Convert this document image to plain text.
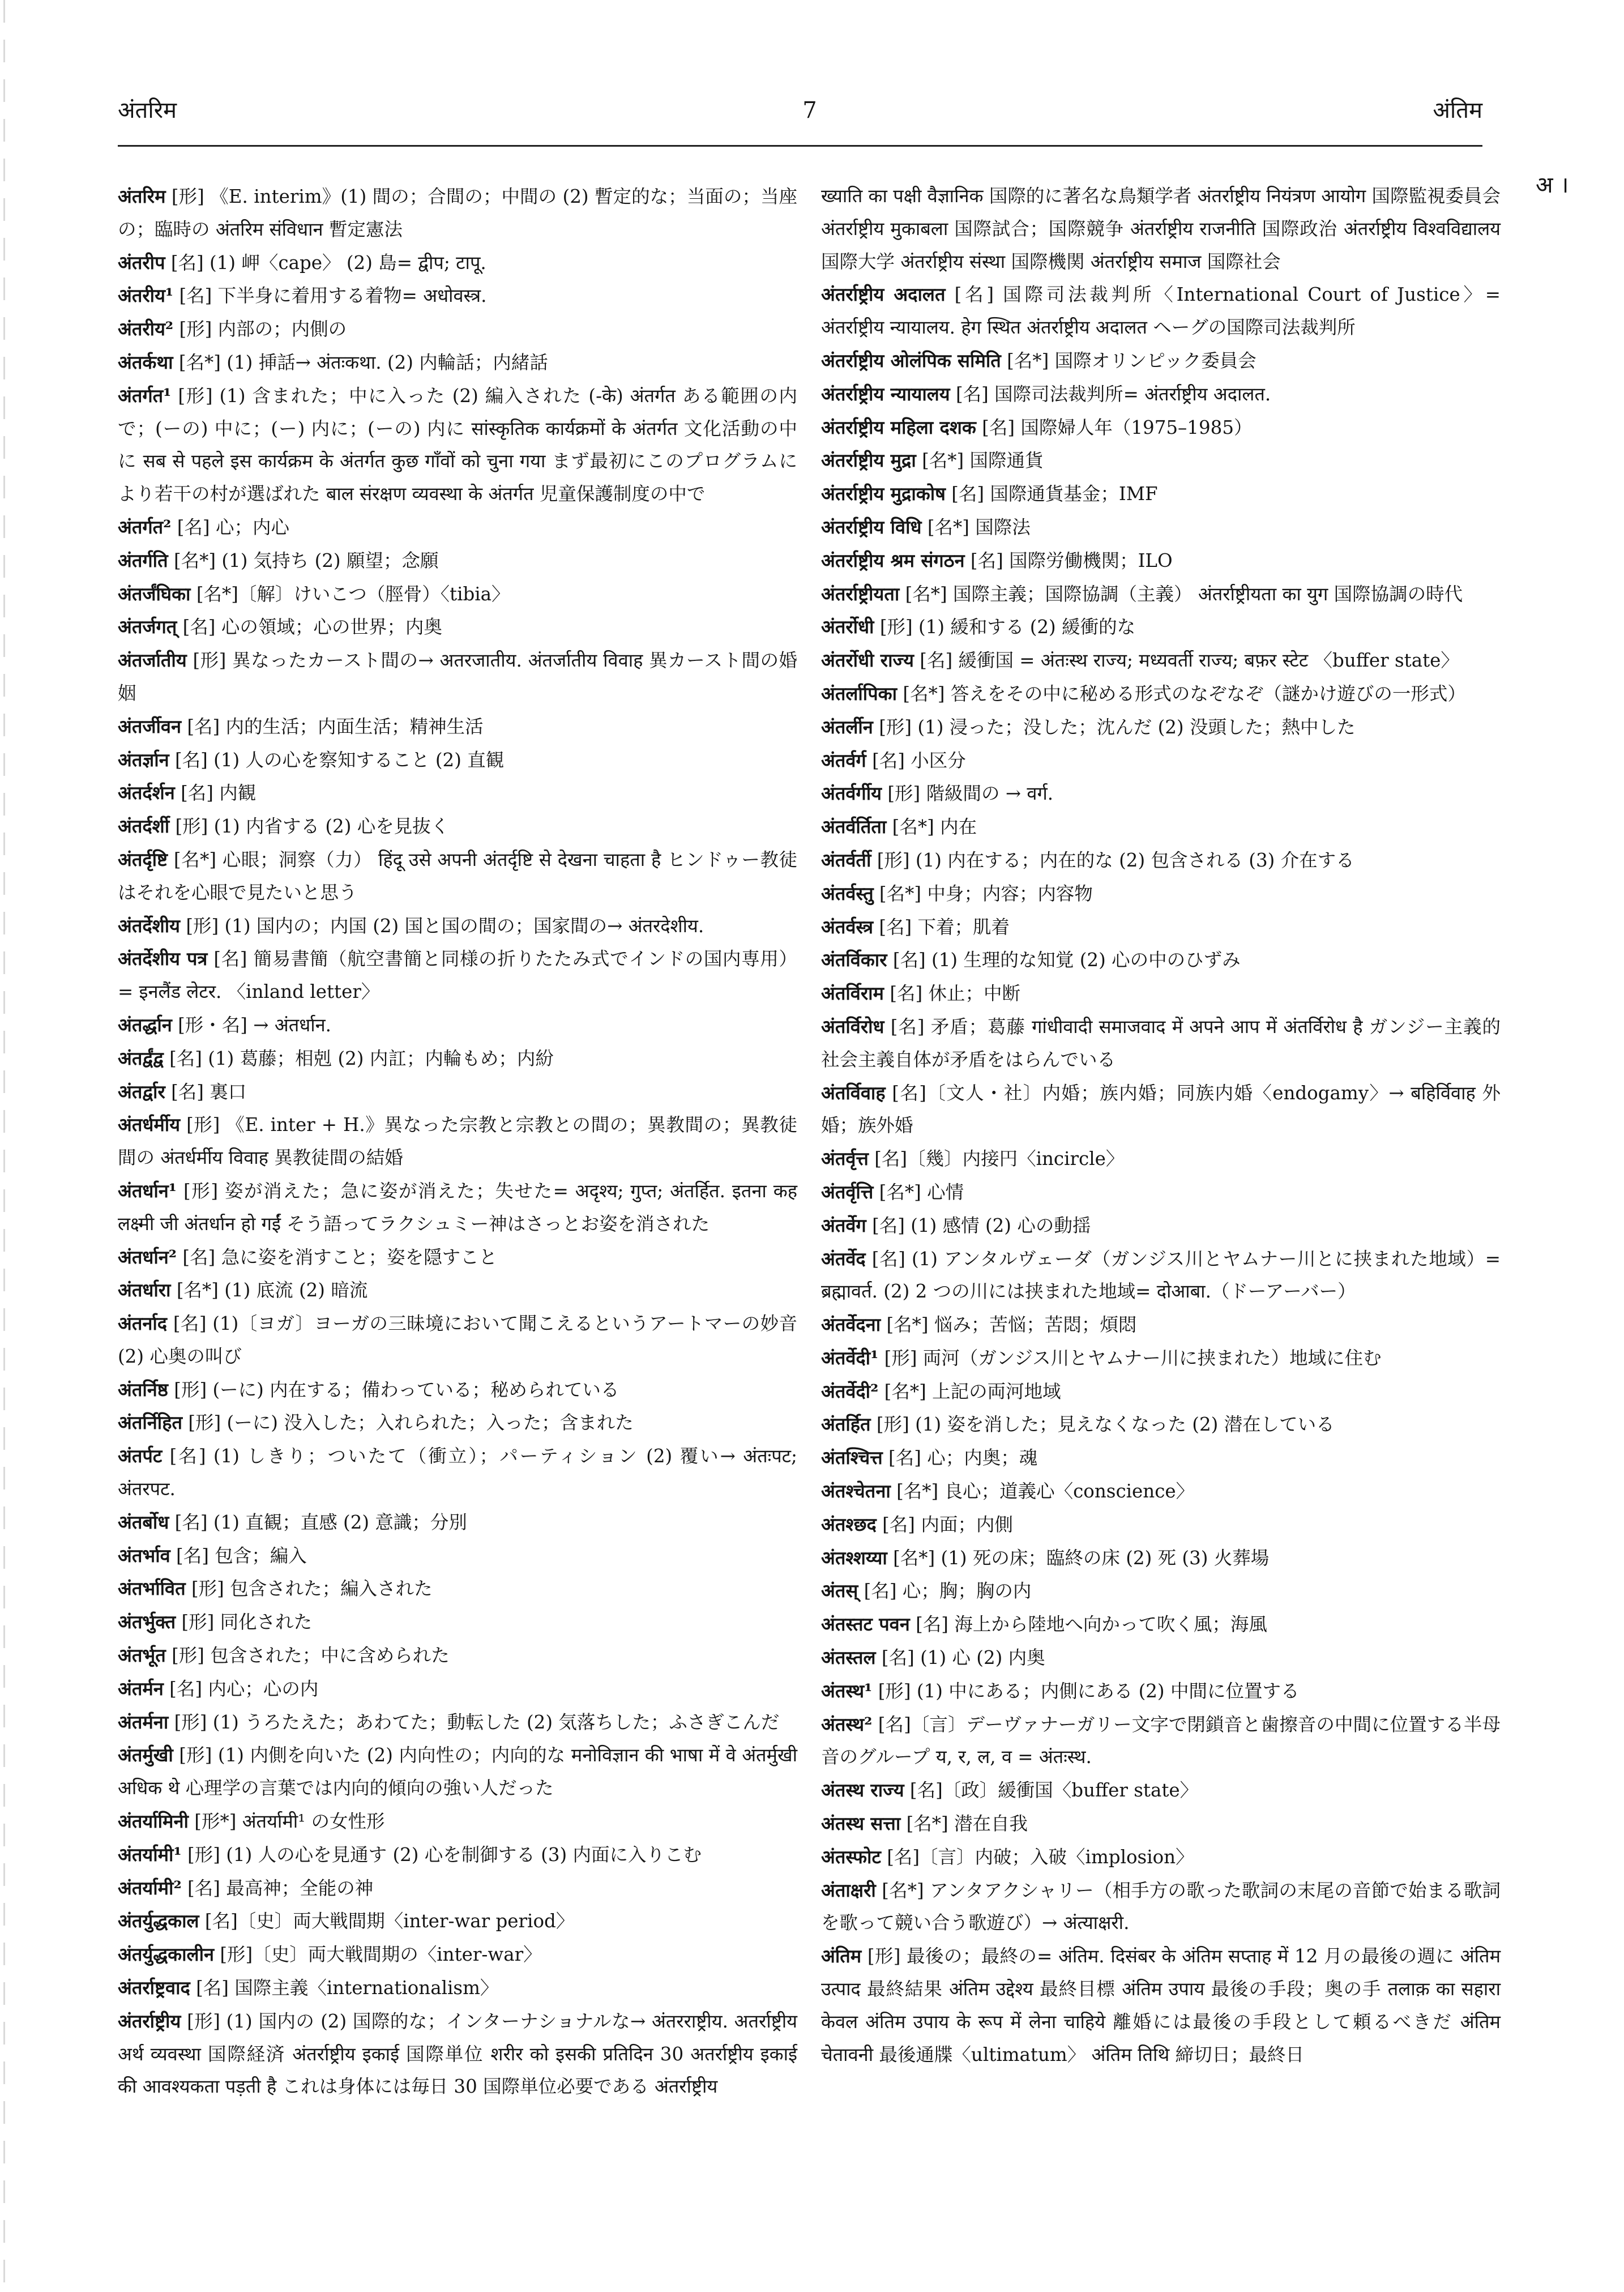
अंतरिम	7	अंतिम
अ ।
अंतरिम [形] 《E. interim》(1) 間の；合間の；中間の (2) 暫定的な；当面の；当座の；臨時の अंतरिम संविधान 暫定憲法
अंतरीप [名] (1) 岬〈cape〉 (2) 島= द्वीप; टापू.
अंतरीय¹ [名] 下半身に着用する着物= अधोवस्त्र.
अंतरीय² [形] 内部の；内側の
अंतर्कथा [名*] (1) 挿話→ अंतःकथा. (2) 内輪話；内緒話
अंतर्गत¹ [形] (1) 含まれた；中に入った (2) 編入された (-के) अंतर्गत ある範囲の内で；(ーの) 中に；(ー) 内に；(ーの) 内に सांस्कृतिक कार्यक्रमों के अंतर्गत 文化活動の中に सब से पहले इस कार्यक्रम के अंतर्गत कुछ गाँवों को चुना गया まず最初にこのプログラムにより若干の村が選ばれた बाल संरक्षण व्यवस्था के अंतर्गत 児童保護制度の中で
अंतर्गत² [名] 心；内心
अंतर्गति [名*] (1) 気持ち (2) 願望；念願
अंतर्जंघिका [名*]〔解〕けいこつ（脛骨）〈tibia〉
अंतर्जगत् [名] 心の領域；心の世界；内奥
अंतर्जातीय [形] 異なったカースト間の→ अतरजातीय. अंतर्जातीय विवाह 異カースト間の婚姻
अंतर्जीवन [名] 内的生活；内面生活；精神生活
अंतर्ज्ञान [名] (1) 人の心を察知すること (2) 直観
अंतर्दर्शन [名] 内観
अंतर्दर्शी [形] (1) 内省する (2) 心を見抜く
अंतर्दृष्टि [名*] 心眼；洞察（力） हिंदू उसे अपनी अंतर्दृष्टि से देखना चाहता है ヒンドゥー教徒はそれを心眼で見たいと思う
अंतर्देशीय [形] (1) 国内の；内国 (2) 国と国の間の；国家間の→ अंतरदेशीय.
अंतर्देशीय पत्र [名] 簡易書簡（航空書簡と同様の折りたたみ式でインドの国内専用）= इनलैंड लेटर. 〈inland letter〉
अंतर्द्धान [形・名] → अंतर्धान.
अंतर्द्वंद्व [名] (1) 葛藤；相剋 (2) 内訌；内輪もめ；内紛
अंतर्द्वार [名] 裏口
अंतर्धर्मीय [形] 《E. inter + H.》異なった宗教と宗教との間の；異教間の；異教徒間の अंतर्धर्मीय विवाह 異教徒間の結婚
अंतर्धान¹ [形] 姿が消えた；急に姿が消えた；失せた= अदृश्य; गुप्त; अंतर्हित. इतना कह लक्ष्मी जी अंतर्धान हो गईं そう語ってラクシュミー神はさっとお姿を消された
अंतर्धान² [名] 急に姿を消すこと；姿を隠すこと
अंतर्धारा [名*] (1) 底流 (2) 暗流
अंतर्नाद [名] (1)〔ヨガ〕ヨーガの三昧境において聞こえるというアートマーの妙音 (2) 心奥の叫び
अंतर्निष्ठ [形] (ーに) 内在する；備わっている；秘められている
अंतर्निहित [形] (ーに) 没入した；入れられた；入った；含まれた
अंतर्पट [名] (1) しきり；ついたて（衝立）；パーティション (2) 覆い→ अंतःपट; अंतरपट.
अंतर्बोध [名] (1) 直観；直感 (2) 意識；分別
अंतर्भाव [名] 包含；編入
अंतर्भावित [形] 包含された；編入された
अंतर्भुक्त [形] 同化された
अंतर्भूत [形] 包含された；中に含められた
अंतर्मन [名] 内心；心の内
अंतर्मना [形] (1) うろたえた；あわてた；動転した (2) 気落ちした；ふさぎこんだ
अंतर्मुखी [形] (1) 内側を向いた (2) 内向性の；内向的な मनोविज्ञान की भाषा में वे अंतर्मुखी अधिक थे 心理学の言葉では内向的傾向の強い人だった
अंतर्यामिनी [形*] अंतर्यामी¹ の女性形
अंतर्यामी¹ [形] (1) 人の心を見通す (2) 心を制御する (3) 内面に入りこむ
अंतर्यामी² [名] 最高神；全能の神
अंतर्युद्धकाल [名]〔史〕両大戦間期〈inter-war period〉
अंतर्युद्धकालीन [形]〔史〕両大戦間期の〈inter-war〉
अंतर्राष्ट्रवाद [名] 国際主義〈internationalism〉
अंतर्राष्ट्रीय [形] (1) 国内の (2) 国際的な；インターナショナルな→ अंतरराष्ट्रीय. अतर्राष्ट्रीय अर्थ व्यवस्था 国際経済 अंतर्राष्ट्रीय इकाई 国際単位 शरीर को इसकी प्रतिदिन 30 अतर्राष्ट्रीय इकाई की आवश्यकता पड़ती है これは身体には毎日 30 国際単位必要である अंतर्राष्ट्रीय
ख्याति का पक्षी वैज्ञानिक 国際的に著名な鳥類学者 अंतर्राष्ट्रीय नियंत्रण आयोग 国際監視委員会 अंतर्राष्ट्रीय मुकाबला 国際試合；国際競争 अंतर्राष्ट्रीय राजनीति 国際政治 अंतर्राष्ट्रीय विश्वविद्यालय 国際大学 अंतर्राष्ट्रीय संस्था 国際機関 अंतर्राष्ट्रीय समाज 国際社会
अंतर्राष्ट्रीय अदालत [名] 国際司法裁判所〈International Court of Justice〉= अंतर्राष्ट्रीय न्यायालय. हेग स्थित अंतर्राष्ट्रीय अदालत ヘーグの国際司法裁判所
अंतर्राष्ट्रीय ओलंपिक समिति [名*] 国際オリンピック委員会
अंतर्राष्ट्रीय न्यायालय [名] 国際司法裁判所= अंतर्राष्ट्रीय अदालत.
अंतर्राष्ट्रीय महिला दशक [名] 国際婦人年（1975–1985）
अंतर्राष्ट्रीय मुद्रा [名*] 国際通貨
अंतर्राष्ट्रीय मुद्राकोष [名] 国際通貨基金；IMF
अंतर्राष्ट्रीय विधि [名*] 国際法
अंतर्राष्ट्रीय श्रम संगठन [名] 国際労働機関；ILO
अंतर्राष्ट्रीयता [名*] 国際主義；国際協調（主義） अंतर्राष्ट्रीयता का युग 国際協調の時代
अंतर्रोधी [形] (1) 緩和する (2) 緩衝的な
अंतर्रोधी राज्य [名] 緩衝国 = अंतःस्थ राज्य; मध्यवर्ती राज्य; बफ़र स्टेट 〈buffer state〉
अंतर्लापिका [名*] 答えをその中に秘める形式のなぞなぞ（謎かけ遊びの一形式）
अंतर्लीन [形] (1) 浸った；没した；沈んだ (2) 没頭した；熱中した
अंतर्वर्ग [名] 小区分
अंतर्वर्गीय [形] 階級間の → वर्ग.
अंतर्वर्तिता [名*] 内在
अंतर्वर्ती [形] (1) 内在する；内在的な (2) 包含される (3) 介在する
अंतर्वस्तु [名*] 中身；内容；内容物
अंतर्वस्त्र [名] 下着；肌着
अंतर्विकार [名] (1) 生理的な知覚 (2) 心の中のひずみ
अंतर्विराम [名] 休止；中断
अंतर्विरोध [名] 矛盾；葛藤 गांधीवादी समाजवाद में अपने आप में अंतर्विरोध है ガンジー主義的社会主義自体が矛盾をはらんでいる
अंतर्विवाह [名]〔文人・社〕内婚；族内婚；同族内婚〈endogamy〉→ बहिर्विवाह 外婚；族外婚
अंतर्वृत्त [名]〔幾〕内接円〈incircle〉
अंतर्वृत्ति [名*] 心情
अंतर्वेग [名] (1) 感情 (2) 心の動揺
अंतर्वेद [名] (1) アンタルヴェーダ（ガンジス川とヤムナー川とに挟まれた地域）= ब्रह्मावर्त. (2) 2 つの川には挟まれた地域= दोआबा.（ドーアーバー）
अंतर्वेदना [名*] 悩み；苦悩；苦悶；煩悶
अंतर्वेदी¹ [形] 両河（ガンジス川とヤムナー川に挟まれた）地域に住む
अंतर्वेदी² [名*] 上記の両河地域
अंतर्हित [形] (1) 姿を消した；見えなくなった (2) 潜在している
अंतश्चित्त [名] 心；内奥；魂
अंतश्चेतना [名*] 良心；道義心〈conscience〉
अंतश्छद [名] 内面；内側
अंतश्शय्या [名*] (1) 死の床；臨終の床 (2) 死 (3) 火葬場
अंतस् [名] 心；胸；胸の内
अंतस्तट पवन [名] 海上から陸地へ向かって吹く風；海風
अंतस्तल [名] (1) 心 (2) 内奥
अंतस्थ¹ [形] (1) 中にある；内側にある (2) 中間に位置する
अंतस्थ² [名]〔言〕デーヴァナーガリー文字で閉鎖音と歯擦音の中間に位置する半母音のグループ य, र, ल, व = अंतःस्थ.
अंतस्थ राज्य [名]〔政〕緩衝国〈buffer state〉
अंतस्थ सत्ता [名*] 潜在自我
अंतस्फोट [名]〔言〕内破；入破〈implosion〉
अंताक्षरी [名*] アンタアクシャリー（相手方の歌った歌詞の末尾の音節で始まる歌詞を歌って競い合う歌遊び）→ अंत्याक्षरी.
अंतिम [形] 最後の；最終の= अंतिम. दिसंबर के अंतिम सप्ताह में 12 月の最後の週に अंतिम उत्पाद 最終結果 अंतिम उद्देश्य 最終目標 अंतिम उपाय 最後の手段；奥の手 तलाक़ का सहारा केवल अंतिम उपाय के रूप में लेना चाहिये 離婚には最後の手段として頼るべきだ अंतिम चेतावनी 最後通牒〈ultimatum〉 अंतिम तिथि 締切日；最終日
